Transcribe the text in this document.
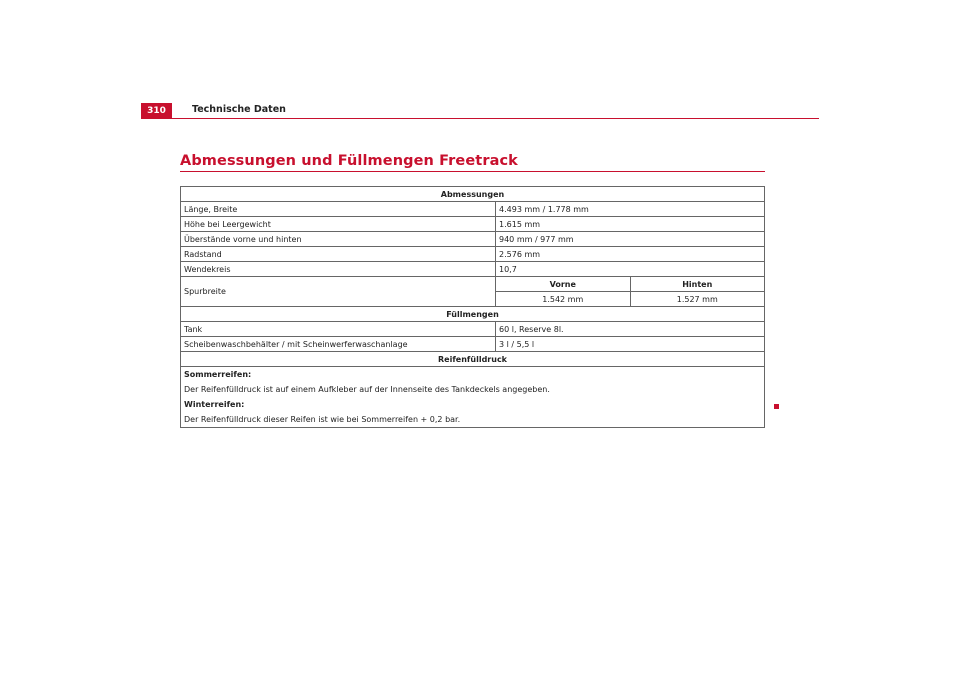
310	Technische Daten
Abmessungen und Füllmengen Freetrack
Abmessungen
Länge, Breite	4.493 mm / 1.778 mm
Höhe bei Leergewicht	1.615 mm
Überstände vorne und hinten	940 mm / 977 mm
Radstand	2.576 mm
Wendekreis	10,7
Spurbreite	
Vorne	Hinten
1.542 mm	1.527 mm

Füllmengen
Tank	60 l, Reserve 8l.
Scheibenwaschbehälter / mit Scheinwerferwaschanlage	3 l / 5,5 l
Reifenfülldruck

Sommerreifen:
Der Reifenfülldruck ist auf einem Aufkleber auf der Innenseite des Tankdeckels angegeben.
Winterreifen:
Der Reifenfülldruck dieser Reifen ist wie bei Sommerreifen + 0,2 bar.
